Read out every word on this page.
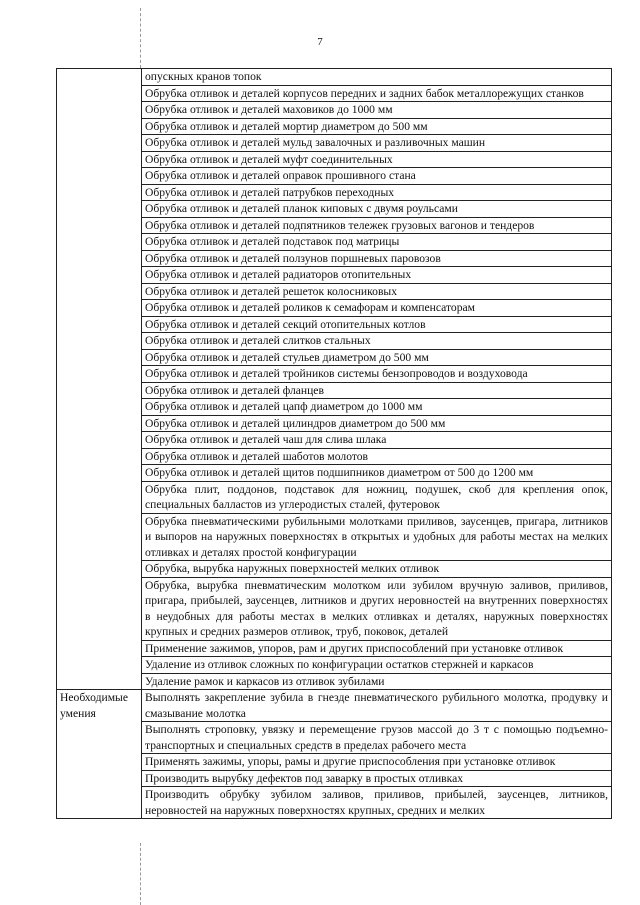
7
	опускных кранов топок
	Обрубка отливок и деталей корпусов передних и задних бабок металлорежущих станков
	Обрубка отливок и деталей маховиков до 1000 мм
	Обрубка отливок и деталей мортир диаметром до 500 мм
	Обрубка отливок и деталей мульд завалочных и разливочных машин
	Обрубка отливок и деталей муфт соединительных
	Обрубка отливок и деталей оправок прошивного стана
	Обрубка отливок и деталей патрубков переходных
	Обрубка отливок и деталей планок киповых с двумя роульсами
	Обрубка отливок и деталей подпятников тележек грузовых вагонов и тендеров
	Обрубка отливок и деталей подставок под матрицы
	Обрубка отливок и деталей ползунов поршневых паровозов
	Обрубка отливок и деталей радиаторов отопительных
	Обрубка отливок и деталей решеток колосниковых
	Обрубка отливок и деталей роликов к семафорам и компенсаторам
	Обрубка отливок и деталей секций отопительных котлов
	Обрубка отливок и деталей слитков стальных
	Обрубка отливок и деталей стульев диаметром до 500 мм
	Обрубка отливок и деталей тройников системы бензопроводов и воздуховода
	Обрубка отливок и деталей фланцев
	Обрубка отливок и деталей цапф диаметром до 1000 мм
	Обрубка отливок и деталей цилиндров диаметром до 500 мм
	Обрубка отливок и деталей чаш для слива шлака
	Обрубка отливок и деталей шаботов молотов
	Обрубка отливок и деталей щитов подшипников диаметром от 500 до 1200 мм
	Обрубка плит, поддонов, подставок для ножниц, подушек, скоб для крепления опок, специальных балластов из углеродистых сталей, футеровок
	Обрубка пневматическими рубильными молотками приливов, заусенцев, пригара, литников и выпоров на наружных поверхностях в открытых и удобных для работы местах на мелких отливках и деталях простой конфигурации
	Обрубка, вырубка наружных поверхностей мелких отливок
	Обрубка, вырубка пневматическим молотком или зубилом вручную заливов, приливов, пригара, прибылей, заусенцев, литников и других неровностей на внутренних поверхностях в неудобных для работы местах в мелких отливках и деталях, наружных поверхностях крупных и средних размеров отливок, труб, поковок, деталей
	Применение зажимов, упоров, рам и других приспособлений при установке отливок
	Удаление из отливок сложных по конфигурации остатков стержней и каркасов
	Удаление рамок и каркасов из отливок зубилами
Необходимые умения	Выполнять закрепление зубила в гнезде пневматического рубильного молотка, продувку и смазывание молотка
	Выполнять строповку, увязку и перемещение грузов массой до 3 т с помощью подъемно-транспортных и специальных средств в пределах рабочего места
	Применять зажимы, упоры, рамы и другие приспособления при установке отливок
	Производить вырубку дефектов под заварку в простых отливках
	Производить обрубку зубилом заливов, приливов, прибылей, заусенцев, литников, неровностей на наружных поверхностях крупных, средних и мелких
